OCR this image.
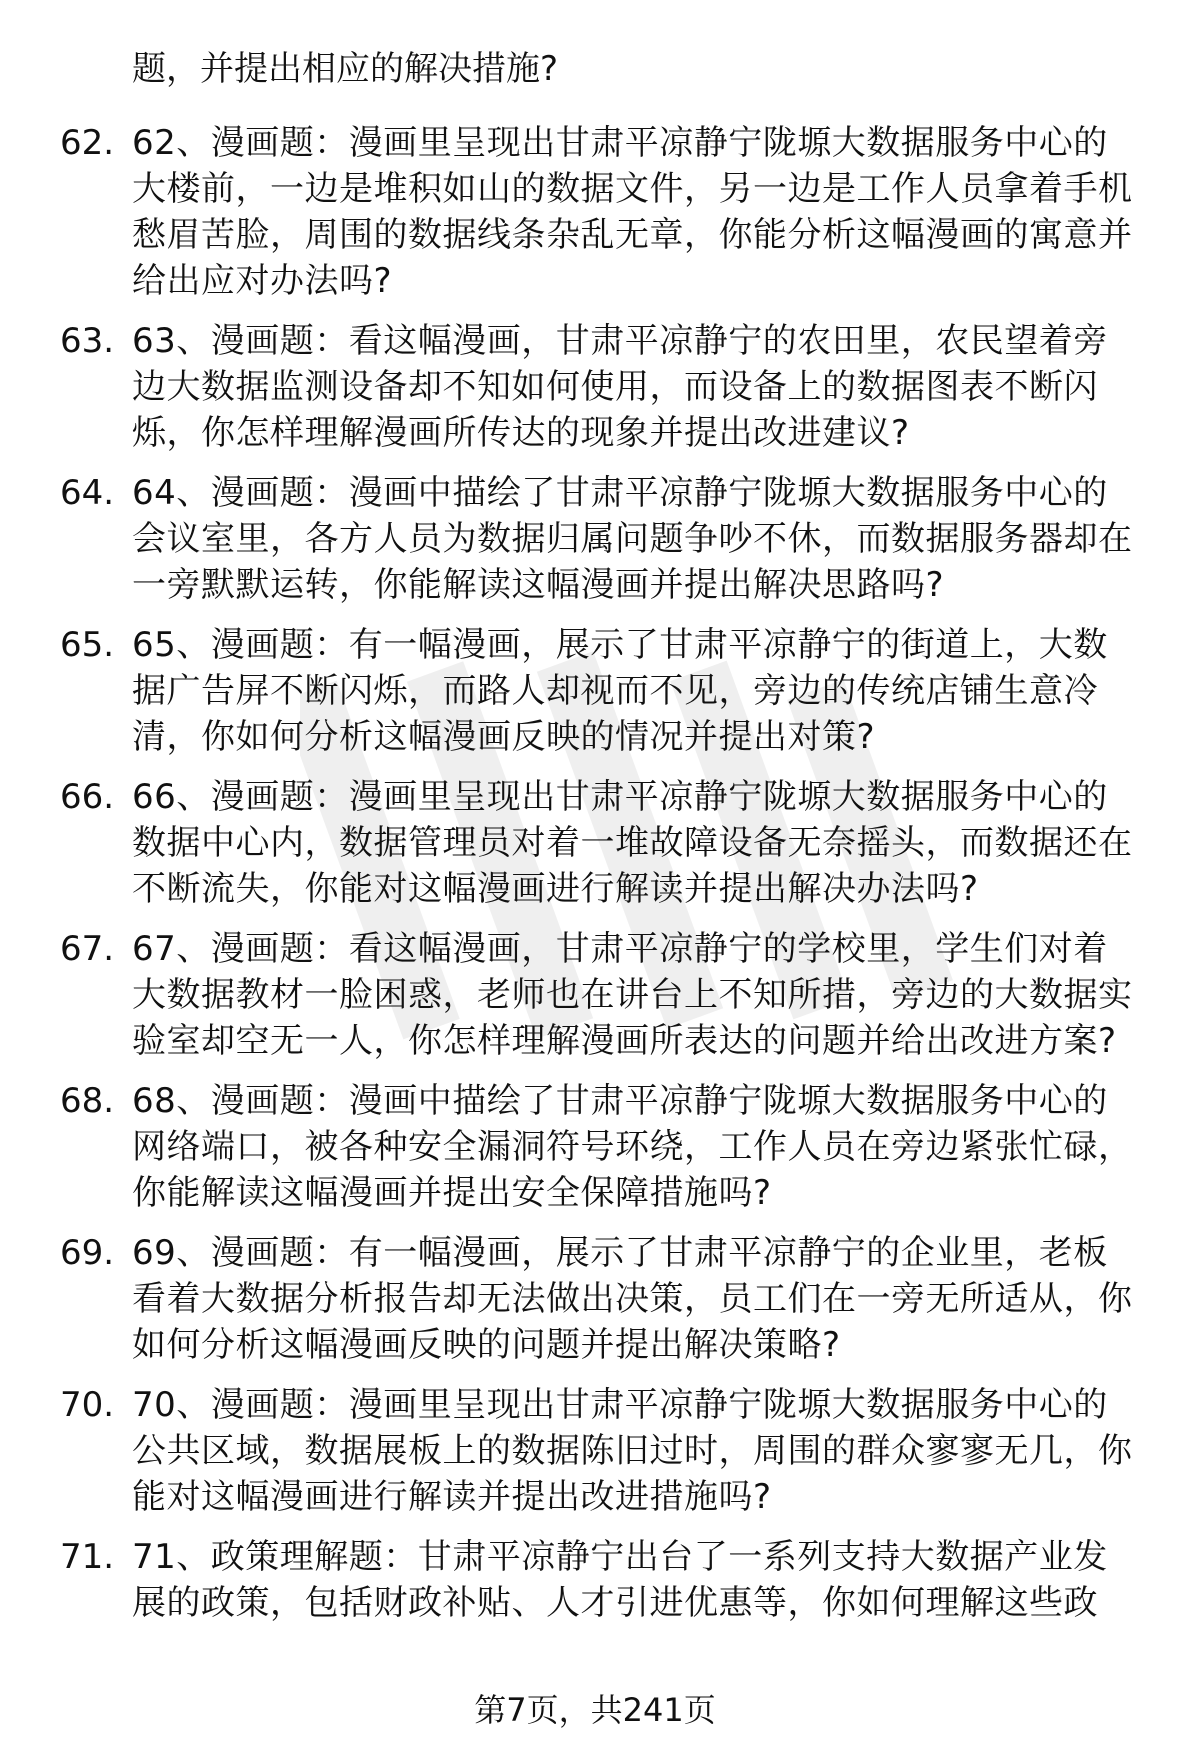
题，并提出相应的解决措施?

62. 62、漫画题：漫画里呈现出甘肃平凉静宁陇塬大数据服务中心的大楼前，一边是堆积如山的数据文件，另一边是工作人员拿着手机愁眉苦脸，周围的数据线条杂乱无章，你能分析这幅漫画的寓意并给出应对办法吗?
63. 63、漫画题：看这幅漫画，甘肃平凉静宁的农田里，农民望着旁边大数据监测设备却不知如何使用，而设备上的数据图表不断闪烁，你怎样理解漫画所传达的现象并提出改进建议?
64. 64、漫画题：漫画中描绘了甘肃平凉静宁陇塬大数据服务中心的会议室里，各方人员为数据归属问题争吵不休，而数据服务器却在一旁默默运转，你能解读这幅漫画并提出解决思路吗?
65. 65、漫画题：有一幅漫画，展示了甘肃平凉静宁的街道上，大数据广告屏不断闪烁，而路人却视而不见，旁边的传统店铺生意冷清，你如何分析这幅漫画反映的情况并提出对策?
66. 66、漫画题：漫画里呈现出甘肃平凉静宁陇塬大数据服务中心的数据中心内，数据管理员对着一堆故障设备无奈摇头，而数据还在不断流失，你能对这幅漫画进行解读并提出解决办法吗?
67. 67、漫画题：看这幅漫画，甘肃平凉静宁的学校里，学生们对着大数据教材一脸困惑，老师也在讲台上不知所措，旁边的大数据实验室却空无一人，你怎样理解漫画所表达的问题并给出改进方案?
68. 68、漫画题：漫画中描绘了甘肃平凉静宁陇塬大数据服务中心的网络端口，被各种安全漏洞符号环绕，工作人员在旁边紧张忙碌，你能解读这幅漫画并提出安全保障措施吗?
69. 69、漫画题：有一幅漫画，展示了甘肃平凉静宁的企业里，老板看着大数据分析报告却无法做出决策，员工们在一旁无所适从，你如何分析这幅漫画反映的问题并提出解决策略?
70. 70、漫画题：漫画里呈现出甘肃平凉静宁陇塬大数据服务中心的公共区域，数据展板上的数据陈旧过时，周围的群众寥寥无几，你能对这幅漫画进行解读并提出改进措施吗?
71. 71、政策理解题：甘肃平凉静宁出台了一系列支持大数据产业发展的政策，包括财政补贴、人才引进优惠等，你如何理解这些政
第7页，共241页
